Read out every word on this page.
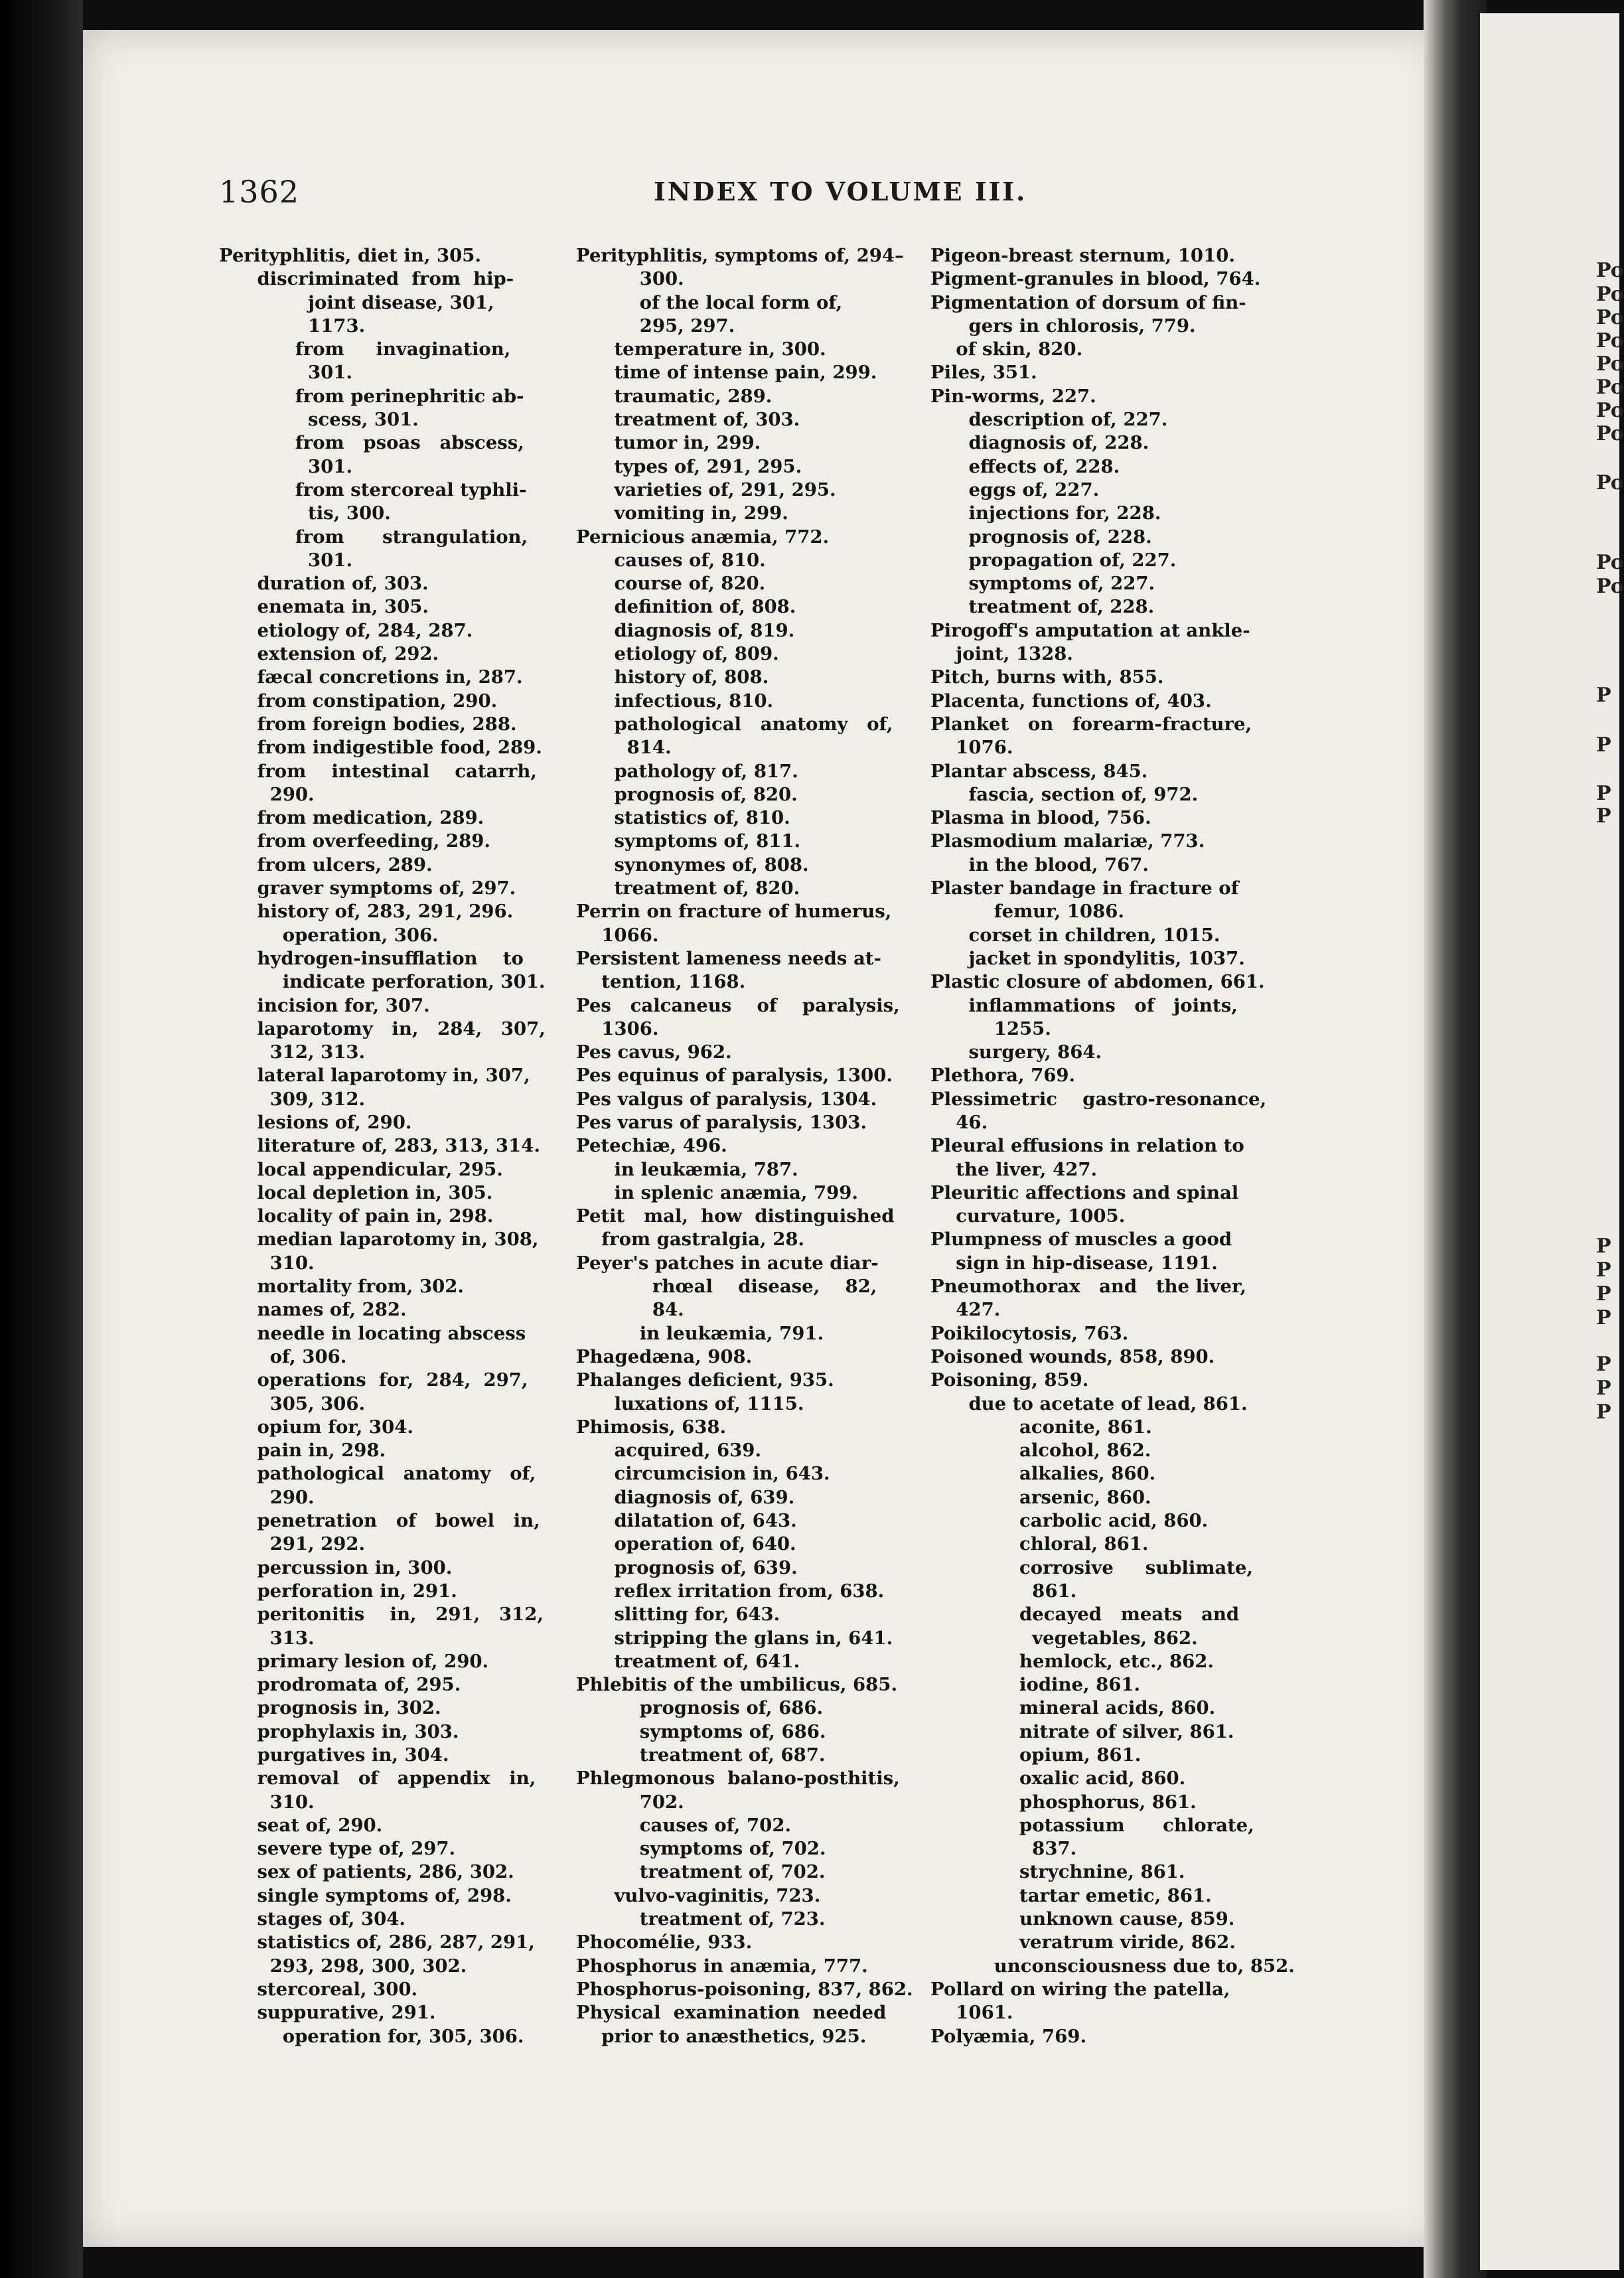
1362	INDEX TO VOLUME III.
Perityphlitis, diet in, 305.
discriminated  from  hip-
joint disease, 301,
1173.
from     invagination,
301.
from perinephritic ab-
scess, 301.
from   psoas   abscess,
301.
from stercoreal typhli-
tis, 300.
from      strangulation,
301.
duration of, 303.
enemata in, 305.
etiology of, 284, 287.
extension of, 292.
fæcal concretions in, 287.
from constipation, 290.
from foreign bodies, 288.
from indigestible food, 289.
from    intestinal    catarrh,
290.
from medication, 289.
from overfeeding, 289.
from ulcers, 289.
graver symptoms of, 297.
history of, 283, 291, 296.
operation, 306.
hydrogen-insufflation    to
indicate perforation, 301.
incision for, 307.
laparotomy   in,   284,   307,
312, 313.
lateral laparotomy in, 307,
309, 312.
lesions of, 290.
literature of, 283, 313, 314.
local appendicular, 295.
local depletion in, 305.
locality of pain in, 298.
median laparotomy in, 308,
310.
mortality from, 302.
names of, 282.
needle in locating abscess
of, 306.
operations  for,  284,  297,
305, 306.
opium for, 304.
pain in, 298.
pathological   anatomy   of,
290.
penetration   of   bowel   in,
291, 292.
percussion in, 300.
perforation in, 291.
peritonitis    in,   291,   312,
313.
primary lesion of, 290.
prodromata of, 295.
prognosis in, 302.
prophylaxis in, 303.
purgatives in, 304.
removal   of   appendix   in,
310.
seat of, 290.
severe type of, 297.
sex of patients, 286, 302.
single symptoms of, 298.
stages of, 304.
statistics of, 286, 287, 291,
293, 298, 300, 302.
stercoreal, 300.
suppurative, 291.
operation for, 305, 306.
Perityphlitis, symptoms of, 294–
300.
of the local form of,
295, 297.
temperature in, 300.
time of intense pain, 299.
traumatic, 289.
treatment of, 303.
tumor in, 299.
types of, 291, 295.
varieties of, 291, 295.
vomiting in, 299.
Pernicious anæmia, 772.
causes of, 810.
course of, 820.
definition of, 808.
diagnosis of, 819.
etiology of, 809.
history of, 808.
infectious, 810.
pathological   anatomy   of,
814.
pathology of, 817.
prognosis of, 820.
statistics of, 810.
symptoms of, 811.
synonymes of, 808.
treatment of, 820.
Perrin on fracture of humerus,
1066.
Persistent lameness needs at-
tention, 1168.
Pes   calcaneus    of    paralysis,
1306.
Pes cavus, 962.
Pes equinus of paralysis, 1300.
Pes valgus of paralysis, 1304.
Pes varus of paralysis, 1303.
Petechiæ, 496.
in leukæmia, 787.
in splenic anæmia, 799.
Petit   mal,  how  distinguished
from gastralgia, 28.
Peyer's patches in acute diar-
rhœal    disease,    82,
84.
in leukæmia, 791.
Phagedæna, 908.
Phalanges deficient, 935.
luxations of, 1115.
Phimosis, 638.
acquired, 639.
circumcision in, 643.
diagnosis of, 639.
dilatation of, 643.
operation of, 640.
prognosis of, 639.
reflex irritation from, 638.
slitting for, 643.
stripping the glans in, 641.
treatment of, 641.
Phlebitis of the umbilicus, 685.
prognosis of, 686.
symptoms of, 686.
treatment of, 687.
Phlegmonous  balano-posthitis,
702.
causes of, 702.
symptoms of, 702.
treatment of, 702.
vulvo-vaginitis, 723.
treatment of, 723.
Phocomélie, 933.
Phosphorus in anæmia, 777.
Phosphorus-poisoning, 837, 862.
Physical  examination  needed
prior to anæsthetics, 925.
Pigeon-breast sternum, 1010.
Pigment-granules in blood, 764.
Pigmentation of dorsum of fin-
gers in chlorosis, 779.
of skin, 820.
Piles, 351.
Pin-worms, 227.
description of, 227.
diagnosis of, 228.
effects of, 228.
eggs of, 227.
injections for, 228.
prognosis of, 228.
propagation of, 227.
symptoms of, 227.
treatment of, 228.
Pirogoff's amputation at ankle-
joint, 1328.
Pitch, burns with, 855.
Placenta, functions of, 403.
Planket   on   forearm-fracture,
1076.
Plantar abscess, 845.
fascia, section of, 972.
Plasma in blood, 756.
Plasmodium malariæ, 773.
in the blood, 767.
Plaster bandage in fracture of
femur, 1086.
corset in children, 1015.
jacket in spondylitis, 1037.
Plastic closure of abdomen, 661.
inflammations   of   joints,
1255.
surgery, 864.
Plethora, 769.
Plessimetric    gastro-resonance,
46.
Pleural effusions in relation to
the liver, 427.
Pleuritic affections and spinal
curvature, 1005.
Plumpness of muscles a good
sign in hip-disease, 1191.
Pneumothorax   and   the liver,
427.
Poikilocytosis, 763.
Poisoned wounds, 858, 890.
Poisoning, 859.
due to acetate of lead, 861.
aconite, 861.
alcohol, 862.
alkalies, 860.
arsenic, 860.
carbolic acid, 860.
chloral, 861.
corrosive     sublimate,
861.
decayed   meats   and
vegetables, 862.
hemlock, etc., 862.
iodine, 861.
mineral acids, 860.
nitrate of silver, 861.
opium, 861.
oxalic acid, 860.
phosphorus, 861.
potassium      chlorate,
837.
strychnine, 861.
tartar emetic, 861.
unknown cause, 859.
veratrum viride, 862.
unconsciousness due to, 852.
Pollard on wiring the patella,
1061.
Polyæmia, 769.
Po
Po
Po
Po
Po
Po
Po
Po
Po
Po
Po
P
P
P
P
P
P
P
P
P
P
P
